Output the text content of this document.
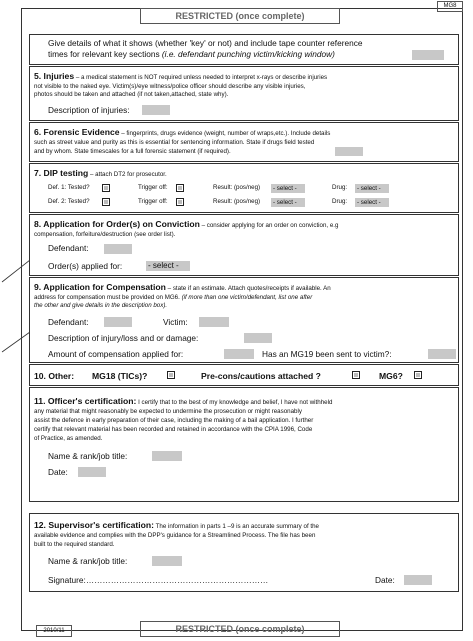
RESTRICTED (once complete)
MG8
Give details of what it shows (whether 'key' or not) and include tape counter reference
times for relevant key sections (i.e. defendant punching victim/kicking window)
5. Injuries – a medical statement is NOT required unless needed to interpret x-rays or describe injuries
not visible to the naked eye. Victim(s)/eye witness/police officer should describe any visible injuries,
photos should be taken and attached (if not taken,attached, state why).
Description of injuries:
6. Forensic Evidence – fingerprints, drugs evidence (weight, number of wraps,etc.). Include details
such as street value and purity as this is essential for sentencing information. State if drugs field tested
and by whom. State timescales for a full forensic statement (if required).
7. DIP testing – attach DT2 for prosecutor.
Def. 1: Tested?	Trigger off:	Result: (pos/neg)	- select -	Drug:	- select -
Def. 2: Tested?	Trigger off:	Result: (pos/neg)	- select -	Drug:	- select -
8. Application for Order(s) on Conviction – consider applying for an order on conviction, e.g
compensation, forfeiture/destruction (see order list).
Defendant:
Order(s) applied for:	- select -
9. Application for Compensation – state if an estimate. Attach quotes/receipts if available. An
address for compensation must be provided on MG6. (if more than one victim/defendant, list one after
the other and give details in the description box).
Defendant:	Victim:
Description of injury/loss and or damage:
Amount of compensation applied for:	Has an MG19 been sent to victim?:
10. Other: MG18 (TICs)?	Pre-cons/cautions attached ?	MG6?
11. Officer's certification: I certify that to the best of my knowledge and belief, I have not withheld
any material that might reasonably be expected to undermine the prosecution or might reasonably
assist the defence in early preparation of their case, including the making of a bail application. I further
certify that relevant material has been recorded and retained in accordance with the CPIA 1996, Code
of Practice, as amended.
Name & rank/job title:
Date:
12. Supervisor's certification: The information in parts 1 –9 is an accurate summary of the
available evidence and complies with the DPP's guidance for a Streamlined Process. The file has been
built to the required standard.
Name & rank/job title:
Signature:…………………………………………………………	Date:
2010/11	RESTRICTED (once complete)
